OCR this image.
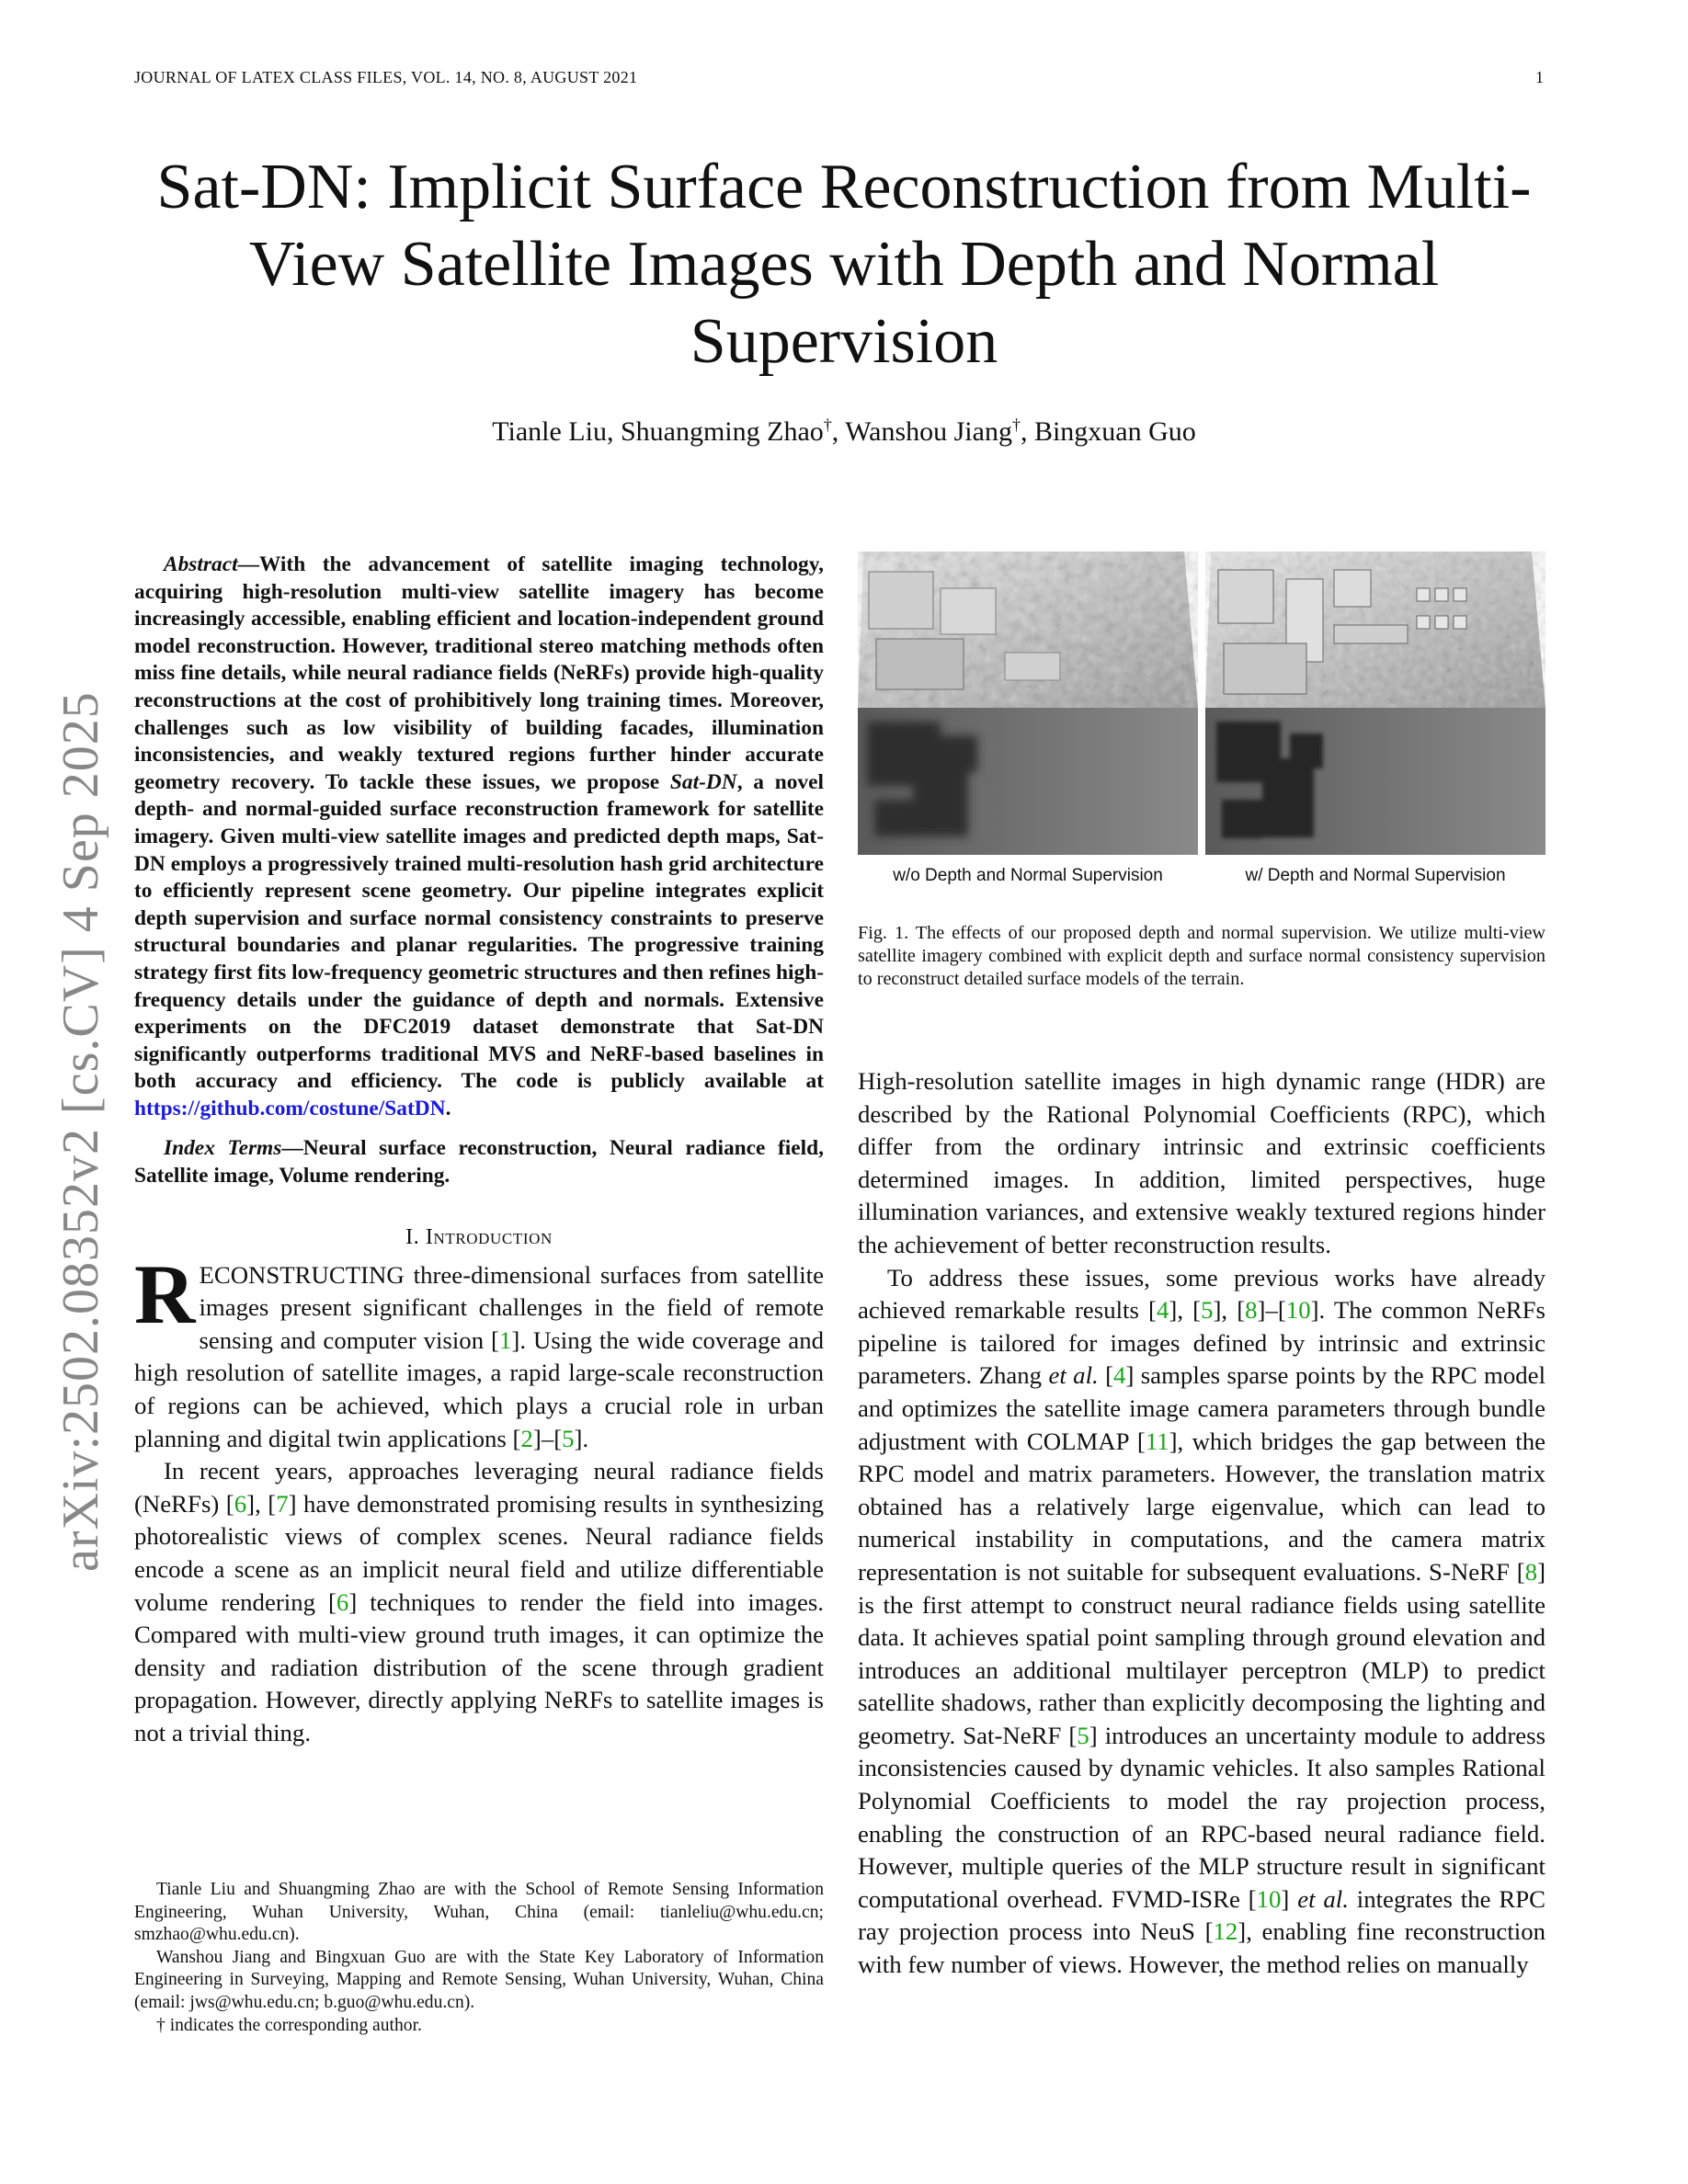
JOURNAL OF LATEX CLASS FILES, VOL. 14, NO. 8, AUGUST 2021	1
arXiv:2502.08352v2 [cs.CV] 4 Sep 2025
Sat-DN: Implicit Surface Reconstruction from Multi-View Satellite Images with Depth and Normal Supervision
Tianle Liu, Shuangming Zhao†, Wanshou Jiang†, Bingxuan Guo

Abstract—With the advancement of satellite imaging technology, acquiring high-resolution multi-view satellite imagery has become increasingly accessible, enabling efficient and location-independent ground model reconstruction. However, traditional stereo matching methods often miss fine details, while neural radiance fields (NeRFs) provide high-quality reconstructions at the cost of prohibitively long training times. Moreover, challenges such as low visibility of building facades, illumination inconsistencies, and weakly textured regions further hinder accurate geometry recovery. To tackle these issues, we propose Sat-DN, a novel depth- and normal-guided surface reconstruction framework for satellite imagery. Given multi-view satellite images and predicted depth maps, Sat-DN employs a progressively trained multi-resolution hash grid architecture to efficiently represent scene geometry. Our pipeline integrates explicit depth supervision and surface normal consistency constraints to preserve structural boundaries and planar regularities. The progressive training strategy first fits low-frequency geometric structures and then refines high-frequency details under the guidance of depth and normals. Extensive experiments on the DFC2019 dataset demonstrate that Sat-DN significantly outperforms traditional MVS and NeRF-based baselines in both accuracy and efficiency. The code is publicly available at https://github.com/costune/SatDN.

Index Terms—Neural surface reconstruction, Neural radiance field, Satellite image, Volume rendering.

I. Introduction

RECONSTRUCTING three-dimensional surfaces from satellite images present significant challenges in the field of remote sensing and computer vision [1]. Using the wide coverage and high resolution of satellite images, a rapid large-scale reconstruction of regions can be achieved, which plays a crucial role in urban planning and digital twin applications [2]–[5].

In recent years, approaches leveraging neural radiance fields (NeRFs) [6], [7] have demonstrated promising results in synthesizing photorealistic views of complex scenes. Neural radiance fields encode a scene as an implicit neural field and utilize differentiable volume rendering [6] techniques to render the field into images. Compared with multi-view ground truth images, it can optimize the density and radiation distribution of the scene through gradient propagation. However, directly applying NeRFs to satellite images is not a trivial thing.

Tianle Liu and Shuangming Zhao are with the School of Remote Sensing Information Engineering, Wuhan University, Wuhan, China (email: tianleliu@whu.edu.cn; smzhao@whu.edu.cn).

Wanshou Jiang and Bingxuan Guo are with the State Key Laboratory of Information Engineering in Surveying, Mapping and Remote Sensing, Wuhan University, Wuhan, China (email: jws@whu.edu.cn; b.guo@whu.edu.cn).

† indicates the corresponding author.

w/o Depth and Normal Supervision	w/ Depth and Normal Supervision
Fig. 1. The effects of our proposed depth and normal supervision. We utilize multi-view satellite imagery combined with explicit depth and surface normal consistency supervision to reconstruct detailed surface models of the terrain.

High-resolution satellite images in high dynamic range (HDR) are described by the Rational Polynomial Coefficients (RPC), which differ from the ordinary intrinsic and extrinsic coefficients determined images. In addition, limited perspectives, huge illumination variances, and extensive weakly textured regions hinder the achievement of better reconstruction results.

To address these issues, some previous works have already achieved remarkable results [4], [5], [8]–[10]. The common NeRFs pipeline is tailored for images defined by intrinsic and extrinsic parameters. Zhang et al. [4] samples sparse points by the RPC model and optimizes the satellite image camera parameters through bundle adjustment with COLMAP [11], which bridges the gap between the RPC model and matrix parameters. However, the translation matrix obtained has a relatively large eigenvalue, which can lead to numerical instability in computations, and the camera matrix representation is not suitable for subsequent evaluations. S-NeRF [8] is the first attempt to construct neural radiance fields using satellite data. It achieves spatial point sampling through ground elevation and introduces an additional multilayer perceptron (MLP) to predict satellite shadows, rather than explicitly decomposing the lighting and geometry. Sat-NeRF [5] introduces an uncertainty module to address inconsistencies caused by dynamic vehicles. It also samples Rational Polynomial Coefficients to model the ray projection process, enabling the construction of an RPC-based neural radiance field. However, multiple queries of the MLP structure result in significant computational overhead. FVMD-ISRe [10] et al. integrates the RPC ray projection process into NeuS [12], enabling fine reconstruction with few number of views. However, the method relies on manually
